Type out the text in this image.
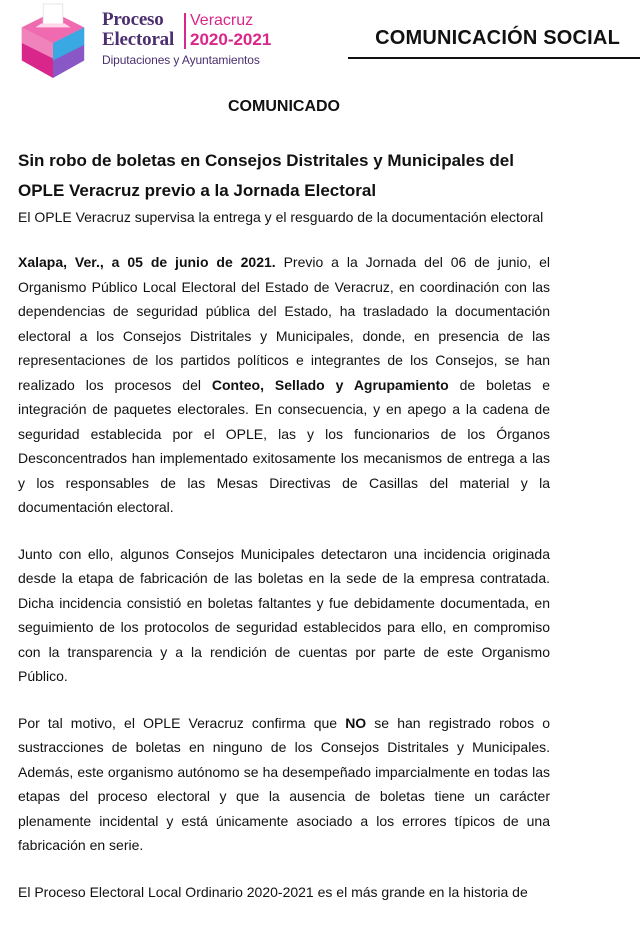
Proceso
Electoral
Veracruz
2020-2021
Diputaciones y Ayuntamientos
COMUNICACIÓN SOCIAL
COMUNICADO
Sin robo de boletas en Consejos Distritales y Municipales del OPLE Veracruz previo a la Jornada Electoral
El OPLE Veracruz supervisa la entrega y el resguardo de la documentación electoral

Xalapa, Ver., a 05 de junio de 2021. Previo a la Jornada del 06 de junio, el Organismo Público Local Electoral del Estado de Veracruz, en coordinación con las dependencias de seguridad pública del Estado, ha trasladado la documentación electoral a los Consejos Distritales y Municipales, donde, en presencia de las representaciones de los partidos políticos e integrantes de los Consejos, se han realizado los procesos del Conteo, Sellado y Agrupamiento de boletas e integración de paquetes electorales. En consecuencia, y en apego a la cadena de seguridad establecida por el OPLE, las y los funcionarios de los Órganos Desconcentrados han implementado exitosamente los mecanismos de entrega a las y los responsables de las Mesas Directivas de Casillas del material y la documentación electoral.

Junto con ello, algunos Consejos Municipales detectaron una incidencia originada desde la etapa de fabricación de las boletas en la sede de la empresa contratada. Dicha incidencia consistió en boletas faltantes y fue debidamente documentada, en seguimiento de los protocolos de seguridad establecidos para ello, en compromiso con la transparencia y a la rendición de cuentas por parte de este Organismo Público.

Por tal motivo, el OPLE Veracruz confirma que NO se han registrado robos o sustracciones de boletas en ninguno de los Consejos Distritales y Municipales. Además, este organismo autónomo se ha desempeñado imparcialmente en todas las etapas del proceso electoral y que la ausencia de boletas tiene un carácter plenamente incidental y está únicamente asociado a los errores típicos de una fabricación en serie.

El Proceso Electoral Local Ordinario 2020-2021 es el más grande en la historia de
